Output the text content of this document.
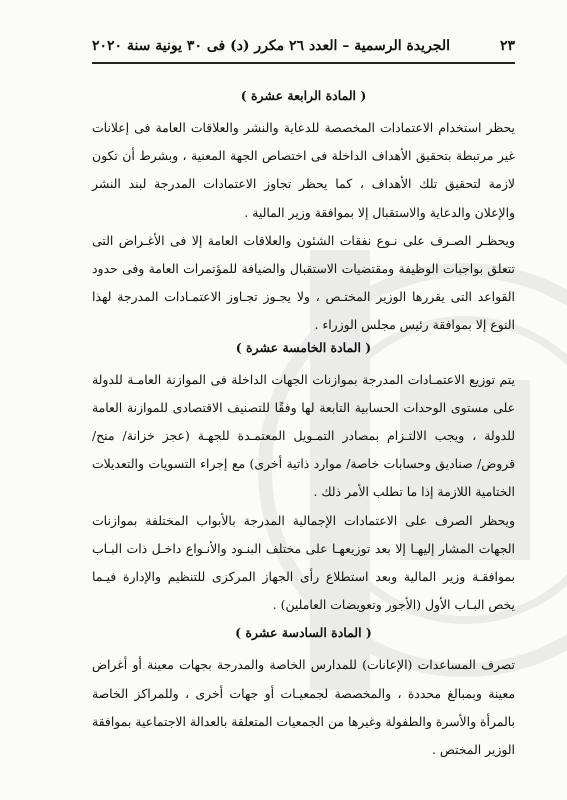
٢٣
الجريدة الرسمية – العدد ٢٦ مكرر (د) فى ٣٠ يونية سنة ٢٠٢٠

( المادة الرابعة عشرة )

يحظر استخدام الاعتمادات المخصصة للدعاية والنشر والعلاقات العامة فى إعلانات غير مرتبطة بتحقيق الأهداف الداخلة فى اختصاص الجهة المعنية ، وبشرط أن تكون لازمة لتحقيق تلك الأهداف ، كما يحظر تجاوز الاعتمادات المدرجة لبند النشر والإعلان والدعاية والاستقبال إلا بموافقة وزير المالية .

ويحظـر الصـرف على نـوع نفقات الشئون والعلاقات العامة إلا فى الأغـراض التى تتعلق بواجبات الوظيفة ومقتضيات الاستقبال والضيافة للمؤتمرات العامة وفى حدود القواعد التى يقررها الوزير المختـص ، ولا يجـوز تجـاوز الاعتمـادات المدرجة لهذا النوع إلا بموافقة رئيس مجلس الوزراء .

( المادة الخامسة عشرة )

يتم توزيع الاعتمـادات المدرجة بموازنات الجهات الداخلة فى الموازنة العامـة للدولة على مستوى الوحدات الحسابية التابعة لها وفقًا للتصنيف الاقتصادى للموازنة العامة للدولة ، ويجب الالتـزام بمصادر التمـويل المعتمـدة للجهـة (عجز خزانة/ منح/ قروض/ صناديق وحسابات خاصة/ موارد ذاتية أخرى) مع إجراء التسويات والتعديلات الختامية اللازمة إذا ما تطلب الأمر ذلك .

ويحظر الصرف على الاعتمادات الإجمالية المدرجة بالأبواب المختلفة بموازنات الجهات المشار إليهـا إلا بعد توزيعهـا على مختلف البنـود والأنـواع داخـل ذات البـاب بموافقـة وزير المالية وبعد استطلاع رأى الجهاز المركزى للتنظيم والإدارة فيـما يخص البـاب الأول (الأجور وتعويضات العاملين) .

( المادة السادسة عشرة )

تصرف المساعدات (الإعانات) للمدارس الخاصة والمدرجة بجهات معينة أو أغراض معينة وبمبالغ محددة ، والمخصصة لجمعيـات أو جهات أخرى ، وللمراكز الخاصة بالمرأة والأسرة والطفولة وغيرها من الجمعيات المتعلقة بالعدالة الاجتماعية بموافقة الوزير المختص .
